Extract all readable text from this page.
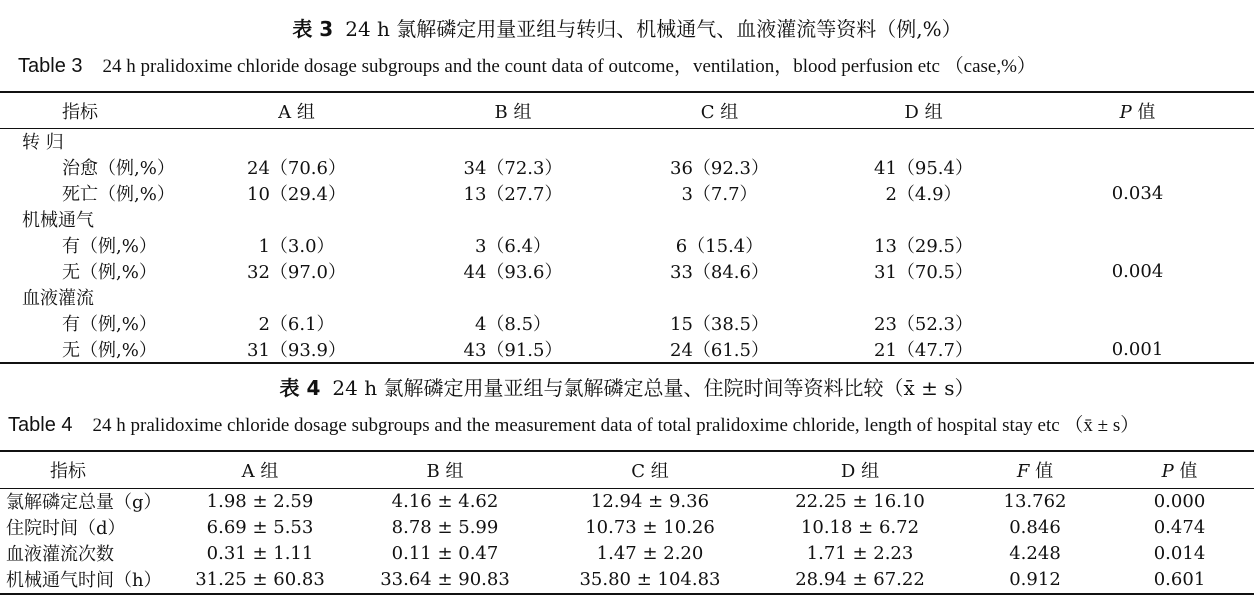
表 3 24 h 氯解磷定用量亚组与转归、机械通气、血液灌流等资料（例,%）
Table 3 24 h pralidoxime chloride dosage subgroups and the count data of outcome，ventilation，blood perfusion etc （case,%）
指标	A 组	B 组	C 组	D 组	P 值
转 归					
治愈（例,%）	24（70.6）	34（72.3）	36（92.3）	41（95.4）	
死亡（例,%）	10（29.4）	13（27.7）	3（7.7）	2（4.9）	0.034
机械通气					
有（例,%）	1（3.0）	3（6.4）	6（15.4）	13（29.5）	
无（例,%）	32（97.0）	44（93.6）	33（84.6）	31（70.5）	0.004
血液灌流					
有（例,%）	2（6.1）	4（8.5）	15（38.5）	23（52.3）	
无（例,%）	31（93.9）	43（91.5）	24（61.5）	21（47.7）	0.001
表 4 24 h 氯解磷定用量亚组与氯解磷定总量、住院时间等资料比较（x̄ ± s）
Table 4 24 h pralidoxime chloride dosage subgroups and the measurement data of total pralidoxime chloride, length of hospital stay etc （x̄ ± s）
指标	A 组	B 组	C 组	D 组	F 值	P 值
氯解磷定总量（g）	1.98 ± 2.59	4.16 ± 4.62	12.94 ± 9.36	22.25 ± 16.10	13.762	0.000
住院时间（d）	6.69 ± 5.53	8.78 ± 5.99	10.73 ± 10.26	10.18 ± 6.72	0.846	0.474
血液灌流次数	0.31 ± 1.11	0.11 ± 0.47	1.47 ± 2.20	1.71 ± 2.23	4.248	0.014
机械通气时间（h）	31.25 ± 60.83	33.64 ± 90.83	35.80 ± 104.83	28.94 ± 67.22	0.912	0.601
